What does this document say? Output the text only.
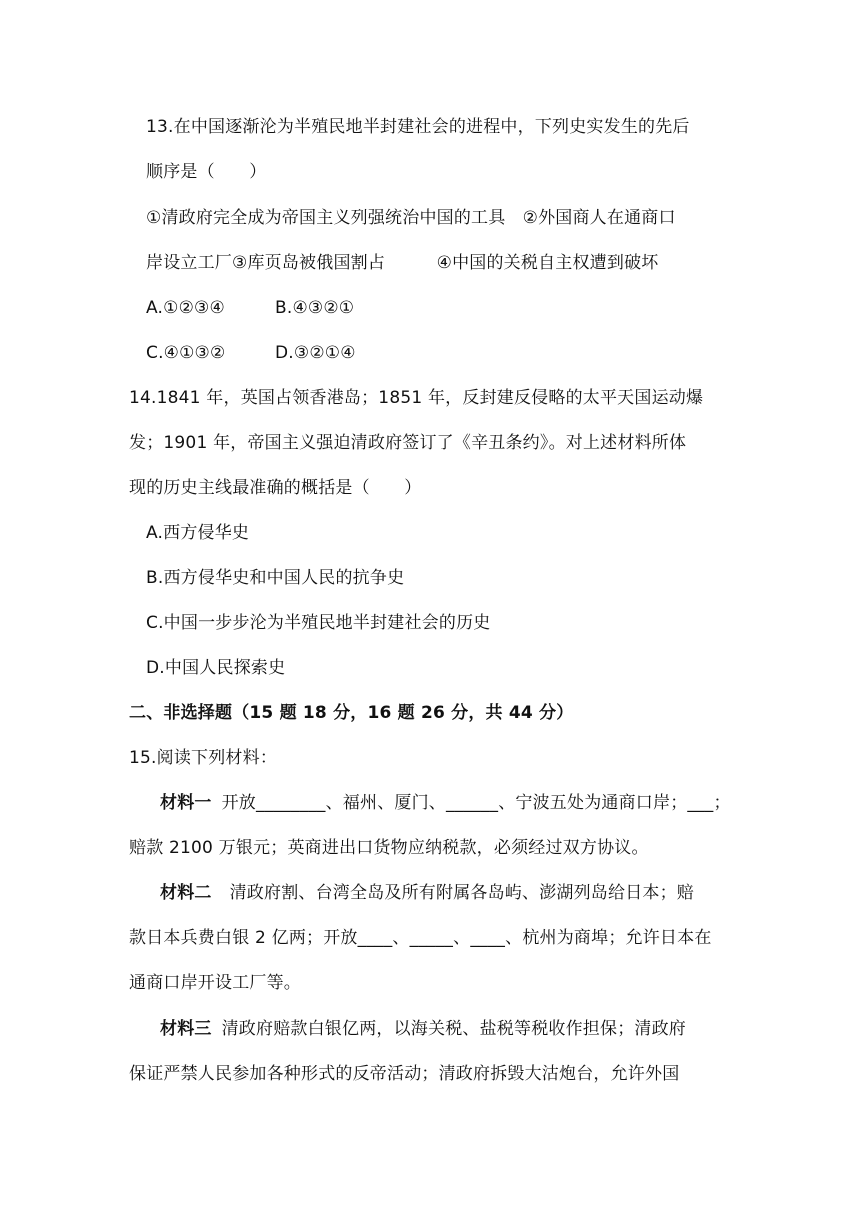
13.在中国逐渐沦为半殖民地半封建社会的进程中，下列史实发生的先后
顺序是（　　）
①清政府完全成为帝国主义列强统治中国的工具　②外国商人在通商口
岸设立工厂③库页岛被俄国割占　　　④中国的关税自主权遭到破坏
A.①②③④	B.④③②①
C.④①③②	D.③②①④
14.1841 年，英国占领香港岛；1851 年，反封建反侵略的太平天国运动爆
发；1901 年，帝国主义强迫清政府签订了《辛丑条约》。对上述材料所体
现的历史主线最准确的概括是（　　）
A.西方侵华史
B.西方侵华史和中国人民的抗争史
C.中国一步步沦为半殖民地半封建社会的历史
D.中国人民探索史
二、非选择题（15 题 18 分，16 题 26 分，共 44 分）
15.阅读下列材料：
材料一 开放________、福州、厦门、______、宁波五处为通商口岸；___；
赔款 2100 万银元；英商进出口货物应纳税款，必须经过双方协议。
材料二 清政府割、台湾全岛及所有附属各岛屿、澎湖列岛给日本；赔
款日本兵费白银 2 亿两；开放____、_____、____、杭州为商埠；允许日本在
通商口岸开设工厂等。
材料三 清政府赔款白银亿两，以海关税、盐税等税收作担保；清政府
保证严禁人民参加各种形式的反帝活动；清政府拆毁大沽炮台，允许外国
